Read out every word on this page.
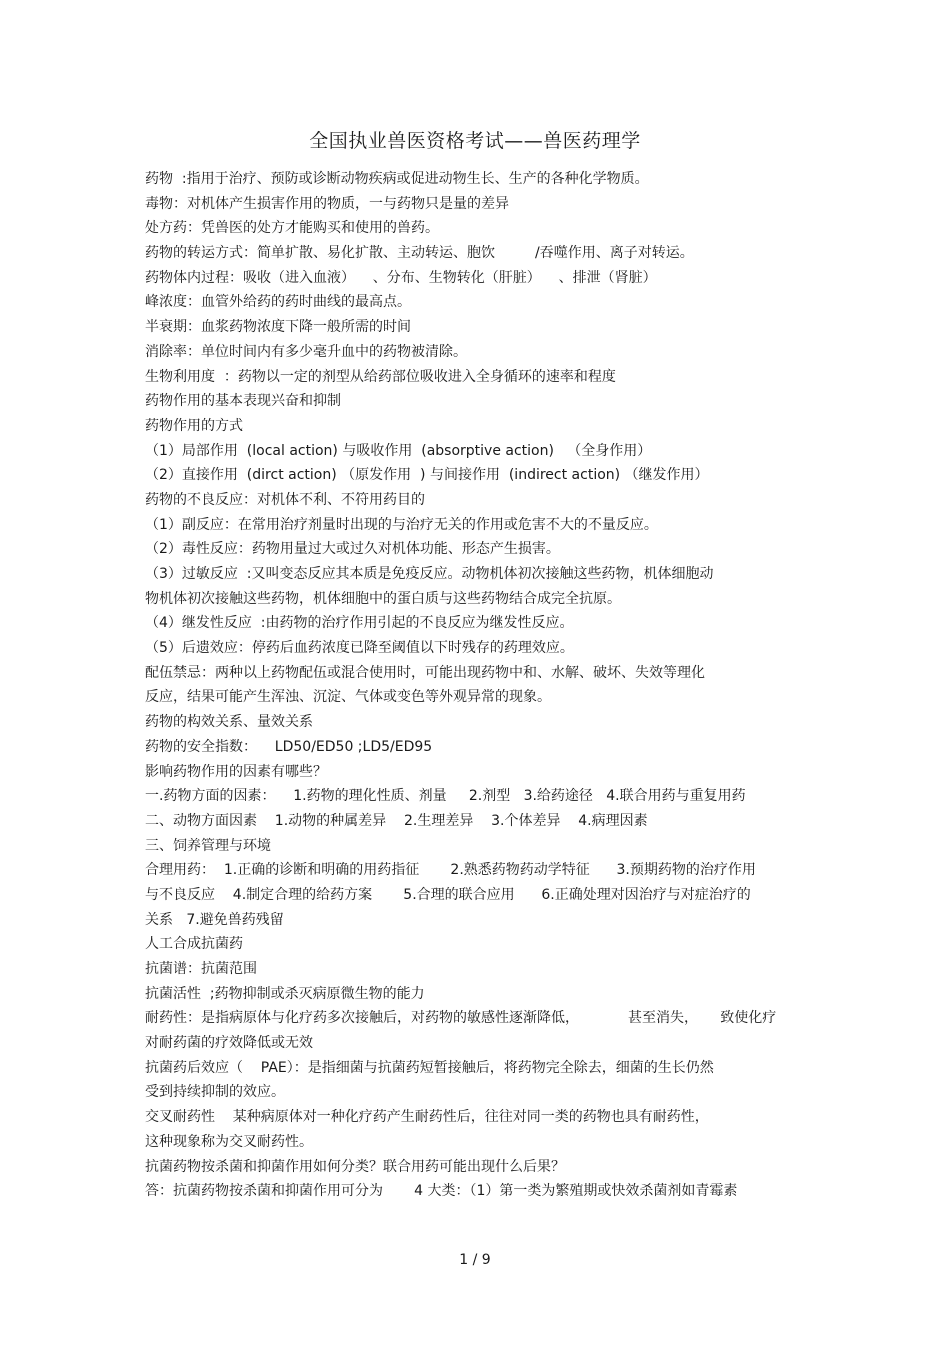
全国执业兽医资格考试——兽医药理学
药物  :指用于治疗、预防或诊断动物疾病或促进动物生长、生产的各种化学物质。
毒物：对机体产生损害作用的物质，一与药物只是量的差异
处方药：凭兽医的处方才能购买和使用的兽药。
药物的转运方式：简单扩散、易化扩散、主动转运、胞饮         /吞噬作用、离子对转运。
药物体内过程：吸收（进入血液）    、分布、生物转化（肝脏）    、排泄（肾脏）
峰浓度：血管外给药的药时曲线的最高点。
半衰期：血浆药物浓度下降一般所需的时间
消除率：单位时间内有多少毫升血中的药物被清除。
生物利用度  ：药物以一定的剂型从给药部位吸收进入全身循环的速率和程度
药物作用的基本表现兴奋和抑制
药物作用的方式
（1）局部作用  (local action) 与吸收作用  (absorptive action)   （全身作用）
（2）直接作用  (dirct action) （原发作用  ) 与间接作用  (indirect action) （继发作用）
药物的不良反应：对机体不利、不符用药目的
（1）副反应：在常用治疗剂量时出现的与治疗无关的作用或危害不大的不量反应。
（2）毒性反应：药物用量过大或过久对机体功能、形态产生损害。
（3）过敏反应  :又叫变态反应其本质是免疫反应。动物机体初次接触这些药物，机体细胞动
物机体初次接触这些药物，机体细胞中的蛋白质与这些药物结合成完全抗原。
（4）继发性反应  :由药物的治疗作用引起的不良反应为继发性反应。
（5）后遗效应：停药后血药浓度已降至阈值以下时残存的药理效应。
配伍禁忌：两种以上药物配伍或混合使用时，可能出现药物中和、水解、破坏、失效等理化
反应，结果可能产生浑浊、沉淀、气体或变色等外观异常的现象。
药物的构效关系、量效关系
药物的安全指数：    LD50/ED50 ;LD5/ED95
影响药物作用的因素有哪些？
一.药物方面的因素：    1.药物的理化性质、剂量     2.剂型   3.给药途径   4.联合用药与重复用药
二、动物方面因素    1.动物的种属差异    2.生理差异    3.个体差异    4.病理因素
三、饲养管理与环境
合理用药：  1.正确的诊断和明确的用药指征       2.熟悉药物药动学特征      3.预期药物的治疗作用
与不良反应    4.制定合理的给药方案       5.合理的联合应用      6.正确处理对因治疗与对症治疗的
关系   7.避免兽药残留
人工合成抗菌药
抗菌谱：抗菌范围
抗菌活性  ;药物抑制或杀灭病原微生物的能力
耐药性：是指病原体与化疗药多次接触后，对药物的敏感性逐渐降低，           甚至消失，     致使化疗
对耐药菌的疗效降低或无效
抗菌药后效应（    PAE）：是指细菌与抗菌药短暂接触后，将药物完全除去，细菌的生长仍然
受到持续抑制的效应。
交叉耐药性    某种病原体对一种化疗药产生耐药性后，往往对同一类的药物也具有耐药性，
这种现象称为交叉耐药性。
抗菌药物按杀菌和抑菌作用如何分类？联合用药可能出现什么后果？
答：抗菌药物按杀菌和抑菌作用可分为       4 大类：（1）第一类为繁殖期或快效杀菌剂如青霉素
1 / 9
